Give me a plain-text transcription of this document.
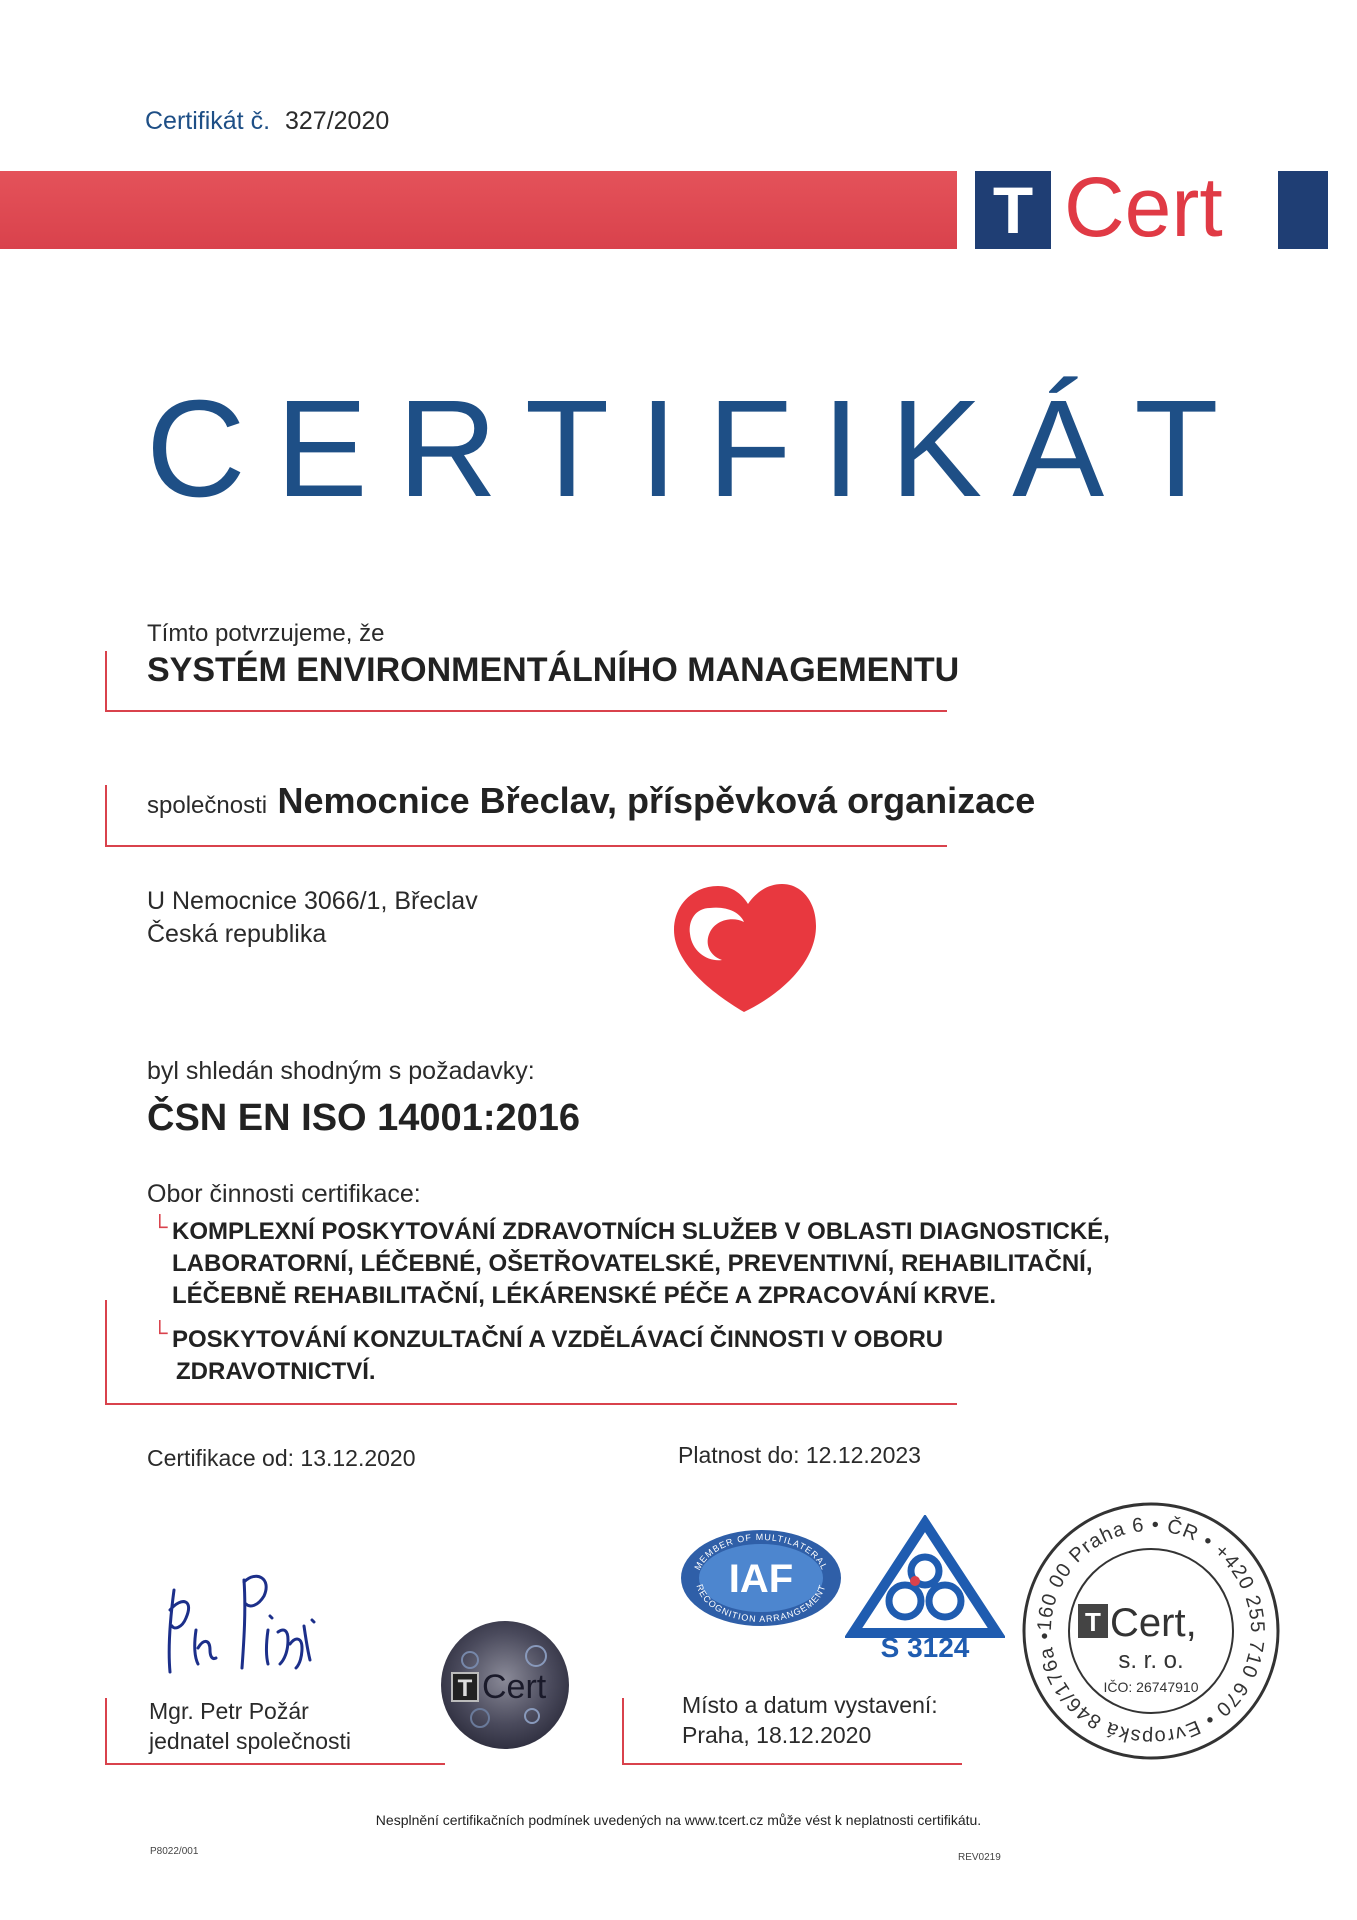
Certifikát č. 327/2020
T Cert
CERTIFIKÁT
Tímto potvrzujeme, že
SYSTÉM ENVIRONMENTÁLNÍHO MANAGEMENTU
společnosti Nemocnice Břeclav, příspěvková organizace
U Nemocnice 3066/1, Břeclav
Česká republika
byl shledán shodným s požadavky:
ČSN EN ISO 14001:2016
Obor činnosti certifikace:
└ KOMPLEXNÍ POSKYTOVÁNÍ ZDRAVOTNÍCH SLUŽEB V OBLASTI DIAGNOSTICKÉ,
LABORATORNÍ, LÉČEBNÉ, OŠETŘOVATELSKÉ, PREVENTIVNÍ, REHABILITAČNÍ,
LÉČEBNĚ REHABILITAČNÍ, LÉKÁRENSKÉ PÉČE A ZPRACOVÁNÍ KRVE.
└ POSKYTOVÁNÍ KONZULTAČNÍ A VZDĚLÁVACÍ ČINNOSTI V OBORU
ZDRAVOTNICTVÍ.
Certifikace od: 13.12.2020	Platnost do: 12.12.2023
Mgr. Petr Požár
jednatel společnosti
T Cert	Místo a datum vystavení:
Praha, 18.12.2020
MEMBER OF MULTILATERAL
RECOGNITION ARRANGEMENT
IAF
S 3124
160 00 Praha 6 • ČR • +420 255 710 670 • Evropská 846/176a •	T Cert,
s. r. o.
IČO: 26747910
Nesplnění certifikačních podmínek uvedených na www.tcert.cz může vést k neplatnosti certifikátu.
P8022/001
REV0219
